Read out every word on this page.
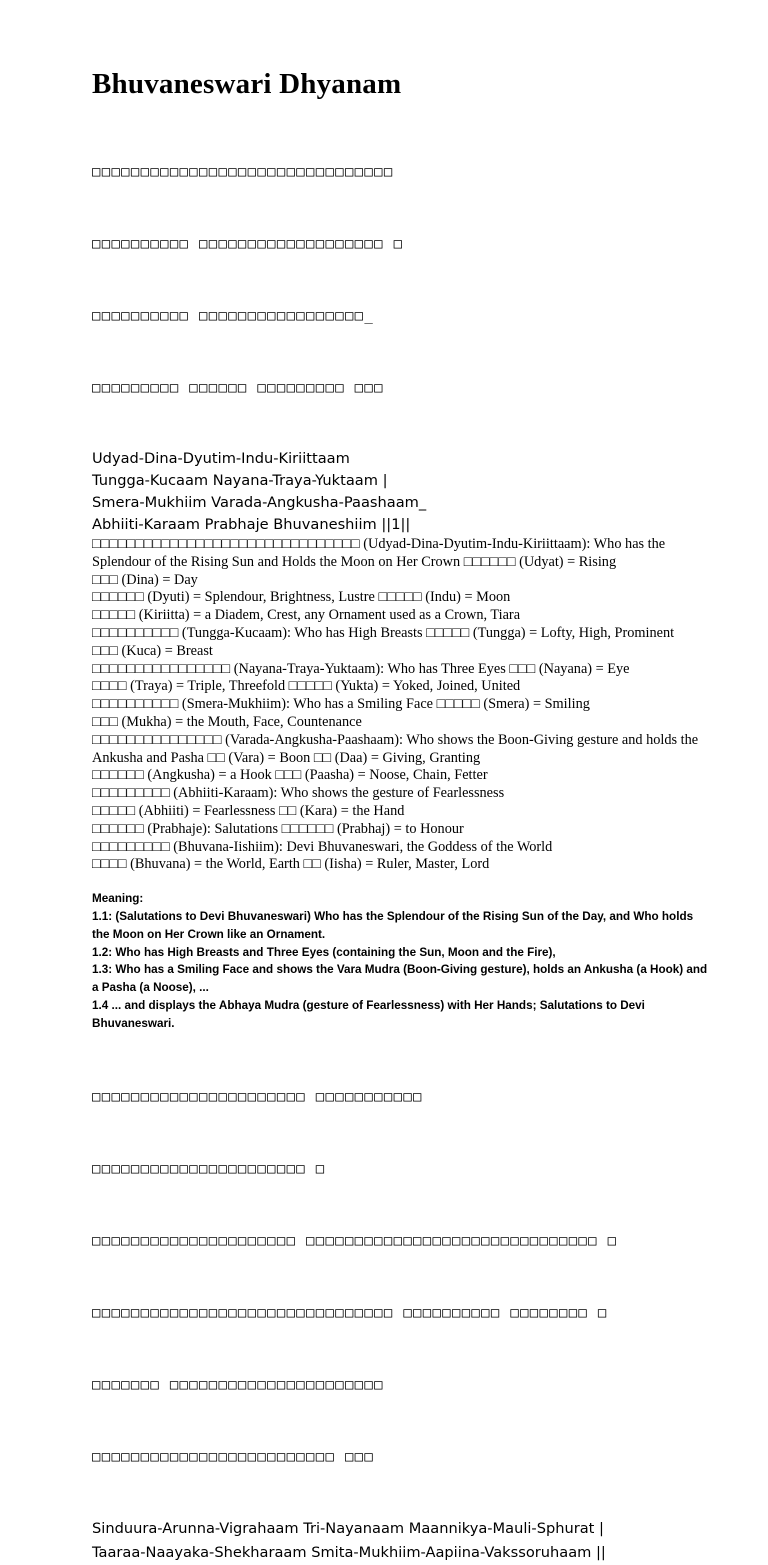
Bhuvaneswari Dhyanam

□□□□□□□□□□□□□□□□□□□□□□□□□□□□□□□

□□□□□□□□□□ □□□□□□□□□□□□□□□□□□□ □

□□□□□□□□□□ □□□□□□□□□□□□□□□□□_

□□□□□□□□□ □□□□□□ □□□□□□□□□ □□□

Udyad-Dina-Dyutim-Indu-Kiriittaam
Tungga-Kucaam Nayana-Traya-Yuktaam |
Smera-Mukhiim Varada-Angkusha-Paashaam_
Abhiiti-Karaam Prabhaje Bhuvaneshiim ||1||
□□□□□□□□□□□□□□□□□□□□□□□□□□□□□□□ (Udyad-Dina-Dyutim-Indu-Kiriittaam): Who has the Splendour of the Rising Sun and Holds the Moon on Her Crown □□□□□□ (Udyat) = Rising
□□□ (Dina) = Day
□□□□□□ (Dyuti) = Splendour, Brightness, Lustre □□□□□ (Indu) = Moon
□□□□□ (Kiriitta) = a Diadem, Crest, any Ornament used as a Crown, Tiara
□□□□□□□□□□ (Tungga-Kucaam): Who has High Breasts □□□□□ (Tungga) = Lofty, High, Prominent
□□□ (Kuca) = Breast
□□□□□□□□□□□□□□□□ (Nayana-Traya-Yuktaam): Who has Three Eyes □□□ (Nayana) = Eye
□□□□ (Traya) = Triple, Threefold □□□□□ (Yukta) = Yoked, Joined, United
□□□□□□□□□□ (Smera-Mukhiim): Who has a Smiling Face □□□□□ (Smera) = Smiling
□□□ (Mukha) = the Mouth, Face, Countenance
□□□□□□□□□□□□□□□ (Varada-Angkusha-Paashaam): Who shows the Boon-Giving gesture and holds the Ankusha and Pasha □□ (Vara) = Boon □□ (Daa) = Giving, Granting
□□□□□□ (Angkusha) = a Hook □□□ (Paasha) = Noose, Chain, Fetter
□□□□□□□□□ (Abhiiti-Karaam): Who shows the gesture of Fearlessness
□□□□□ (Abhiiti) = Fearlessness □□ (Kara) = the Hand
□□□□□□ (Prabhaje): Salutations □□□□□□ (Prabhaj) = to Honour
□□□□□□□□□ (Bhuvana-Iishiim): Devi Bhuvaneswari, the Goddess of the World
□□□□ (Bhuvana) = the World, Earth □□ (Iisha) = Ruler, Master, Lord
Meaning:
1.1: (Salutations to Devi Bhuvaneswari) Who has the Splendour of the Rising Sun of the Day, and Who holds the Moon on Her Crown like an Ornament.
1.2: Who has High Breasts and Three Eyes (containing the Sun, Moon and the Fire),
1.3: Who has a Smiling Face and shows the Vara Mudra (Boon-Giving gesture), holds an Ankusha (a Hook) and a Pasha (a Noose), ...
1.4 ... and displays the Abhaya Mudra (gesture of Fearlessness) with Her Hands; Salutations to Devi Bhuvaneswari.

□□□□□□□□□□□□□□□□□□□□□□ □□□□□□□□□□□

□□□□□□□□□□□□□□□□□□□□□□ □

□□□□□□□□□□□□□□□□□□□□□ □□□□□□□□□□□□□□□□□□□□□□□□□□□□□□ □

□□□□□□□□□□□□□□□□□□□□□□□□□□□□□□□ □□□□□□□□□□ □□□□□□□□ □

□□□□□□□ □□□□□□□□□□□□□□□□□□□□□□

□□□□□□□□□□□□□□□□□□□□□□□□□ □□□

Sinduura-Arunna-Vigrahaam Tri-Nayanaam Maannikya-Mauli-Sphurat |
Taaraa-Naayaka-Shekharaam Smita-Mukhiim-Aapiina-Vakssoruhaam ||
